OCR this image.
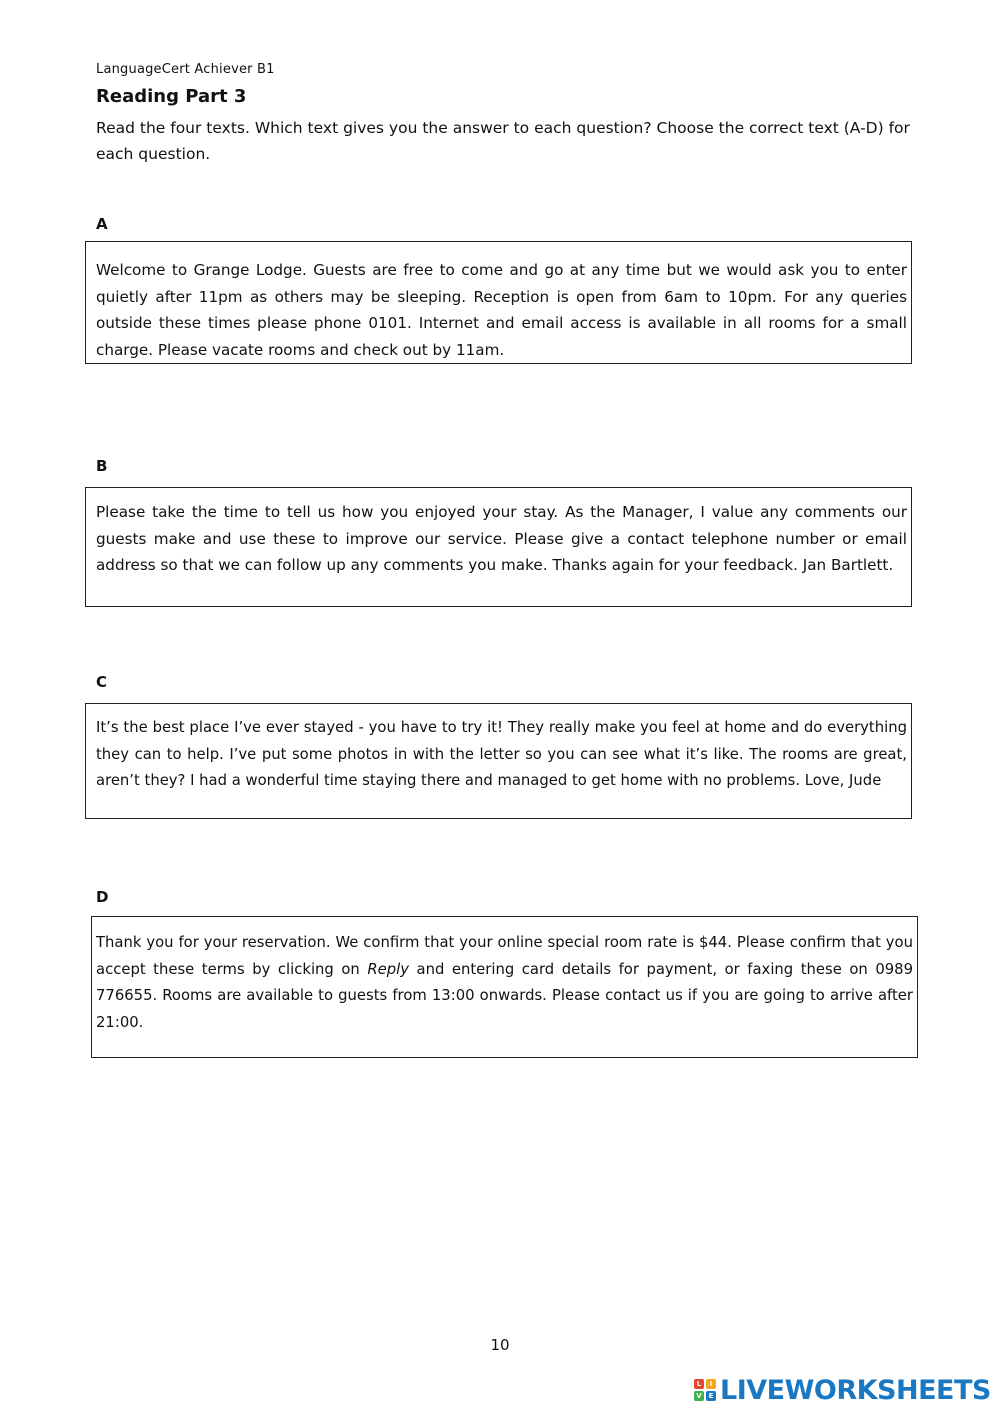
LanguageCert Achiever B1
Reading Part 3
Read the four texts. Which text gives you the answer to each question? Choose the correct text (A-D) for each question.
A
Welcome to Grange Lodge. Guests are free to come and go at any time but we would ask you to enter quietly after 11pm as others may be sleeping. Reception is open from 6am to 10pm. For any queries outside these times please phone 0101. Internet and email access is available in all rooms for a small charge. Please vacate rooms and check out by 11am.
B
Please take the time to tell us how you enjoyed your stay. As the Manager, I value any comments our guests make and use these to improve our service. Please give a contact telephone number or email address so that we can follow up any comments you make. Thanks again for your feedback. Jan Bartlett.
C
It’s the best place I’ve ever stayed - you have to try it! They really make you feel at home and do everything they can to help. I’ve put some photos in with the letter so you can see what it’s like. The rooms are great, aren’t they? I had a wonderful time staying there and managed to get home with no problems. Love, Jude
D
Thank you for your reservation. We confirm that your online special room rate is $44. Please confirm that you accept these terms by clicking on Reply and entering card details for payment, or faxing these on 0989 776655. Rooms are available to guests from 13:00 onwards. Please contact us if you are going to arrive after 21:00.
10
L	I
V E LIVEWORKSHEETS
